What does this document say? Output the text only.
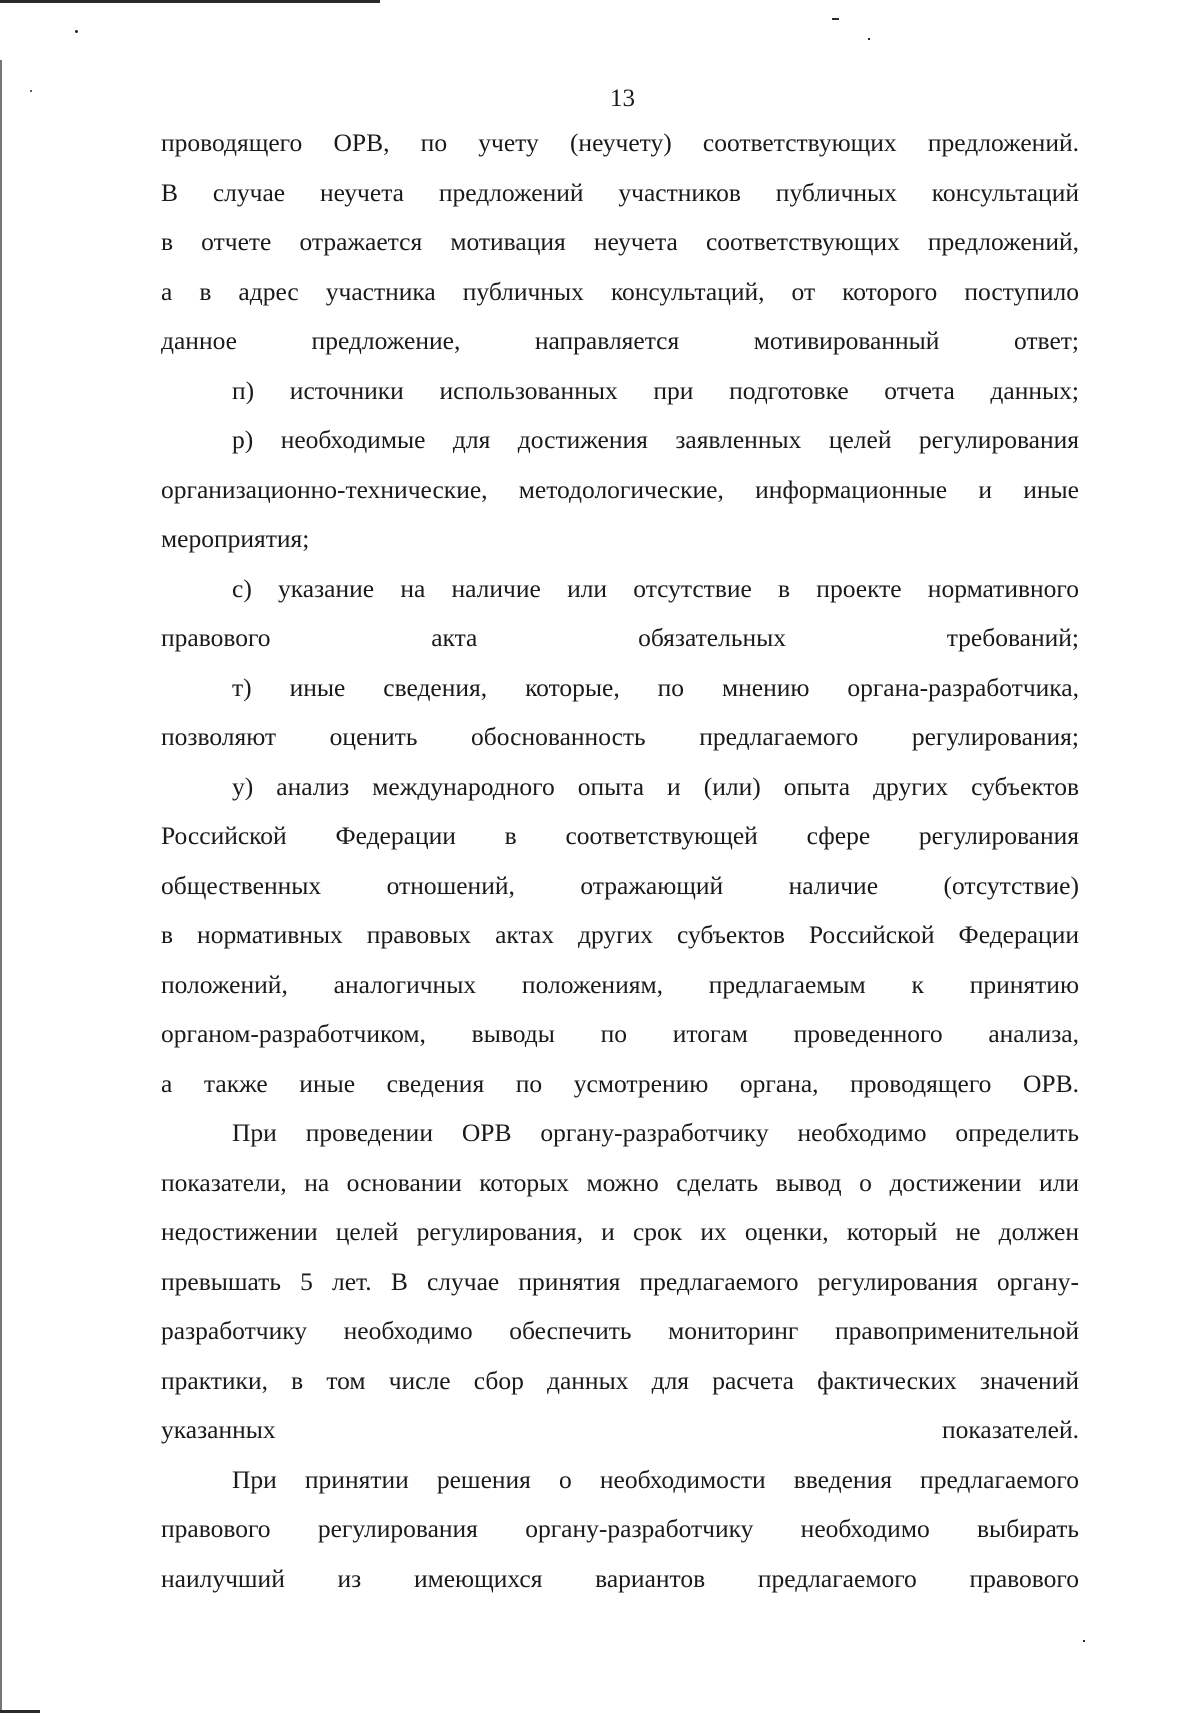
13

проводящего ОРВ, по учету (неучету) соответствующих предложений.

В случае неучета предложений участников публичных консультаций

в отчете отражается мотивация неучета соответствующих предложений,

а в адрес участника публичных консультаций, от которого поступило

данное предложение, направляется мотивированный ответ;

п) источники использованных при подготовке отчета данных;

р) необходимые для достижения заявленных целей регулирования

организационно-технические, методологические, информационные и иные

мероприятия;

с) указание на наличие или отсутствие в проекте нормативного

правового акта обязательных требований;

т) иные сведения, которые, по мнению органа-разработчика,

позволяют оценить обоснованность предлагаемого регулирования;

у) анализ международного опыта и (или) опыта других субъектов

Российской Федерации в соответствующей сфере регулирования

общественных отношений, отражающий наличие (отсутствие)

в нормативных правовых актах других субъектов Российской Федерации

положений, аналогичных положениям, предлагаемым к принятию

органом-разработчиком, выводы по итогам проведенного анализа,

а также иные сведения по усмотрению органа, проводящего ОРВ.

При проведении ОРВ органу-разработчику необходимо определить

показатели, на основании которых можно сделать вывод о достижении или

недостижении целей регулирования, и срок их оценки, который не должен

превышать 5 лет. В случае принятия предлагаемого регулирования органу-

разработчику необходимо обеспечить мониторинг правоприменительной

практики, в том числе сбор данных для расчета фактических значений

указанных показателей.

При принятии решения о необходимости введения предлагаемого

правового регулирования органу-разработчику необходимо выбирать

наилучший из имеющихся вариантов предлагаемого правового
